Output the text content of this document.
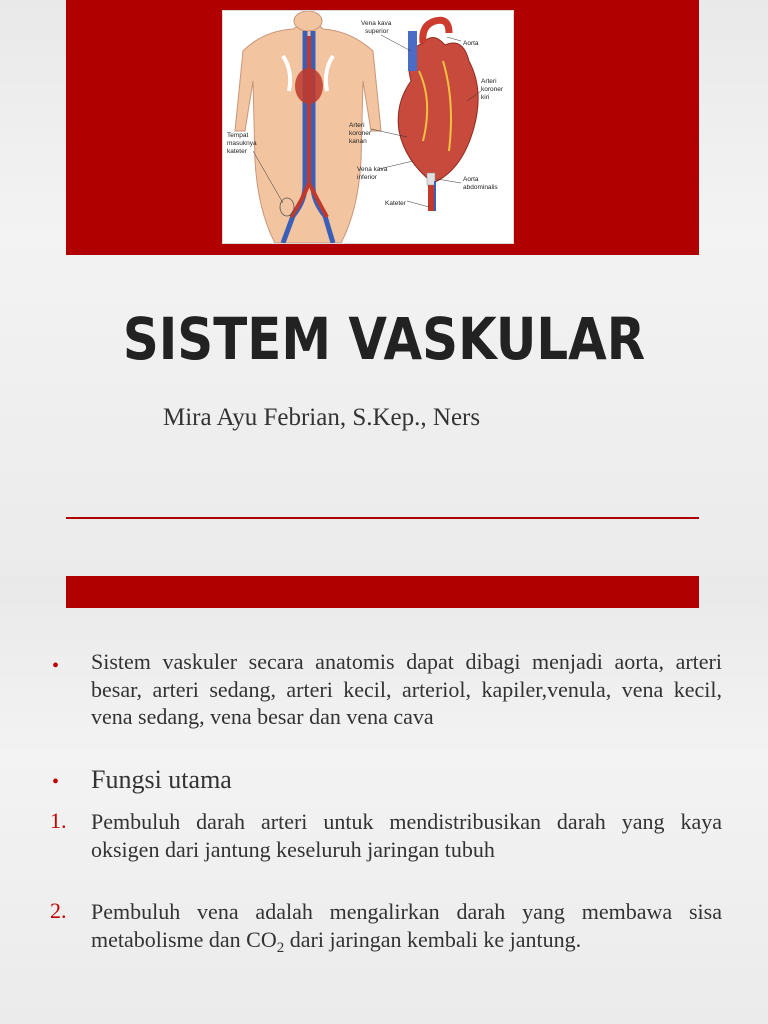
Vena kava
superior
Aorta
Arteri
koroner
kiri
Tempat
masuknya
kateter
Arteri
koroner
kanan
Vena kava
inferior	Aorta
abdominalis
Kateter
SISTEM VASKULAR
Mira Ayu Febrian, S.Kep., Ners
• Sistem vaskuler secara anatomis dapat dibagi menjadi aorta, arteri besar, arteri sedang, arteri kecil, arteriol, kapiler,venula, vena kecil, vena sedang, vena besar dan vena cava
• Fungsi utama
1. Pembuluh darah arteri untuk mendistribusikan darah yang kaya oksigen dari jantung keseluruh jaringan tubuh
2. Pembuluh vena adalah mengalirkan darah yang membawa sisa metabolisme dan $CO_2$ dari jaringan kembali ke jantung.
